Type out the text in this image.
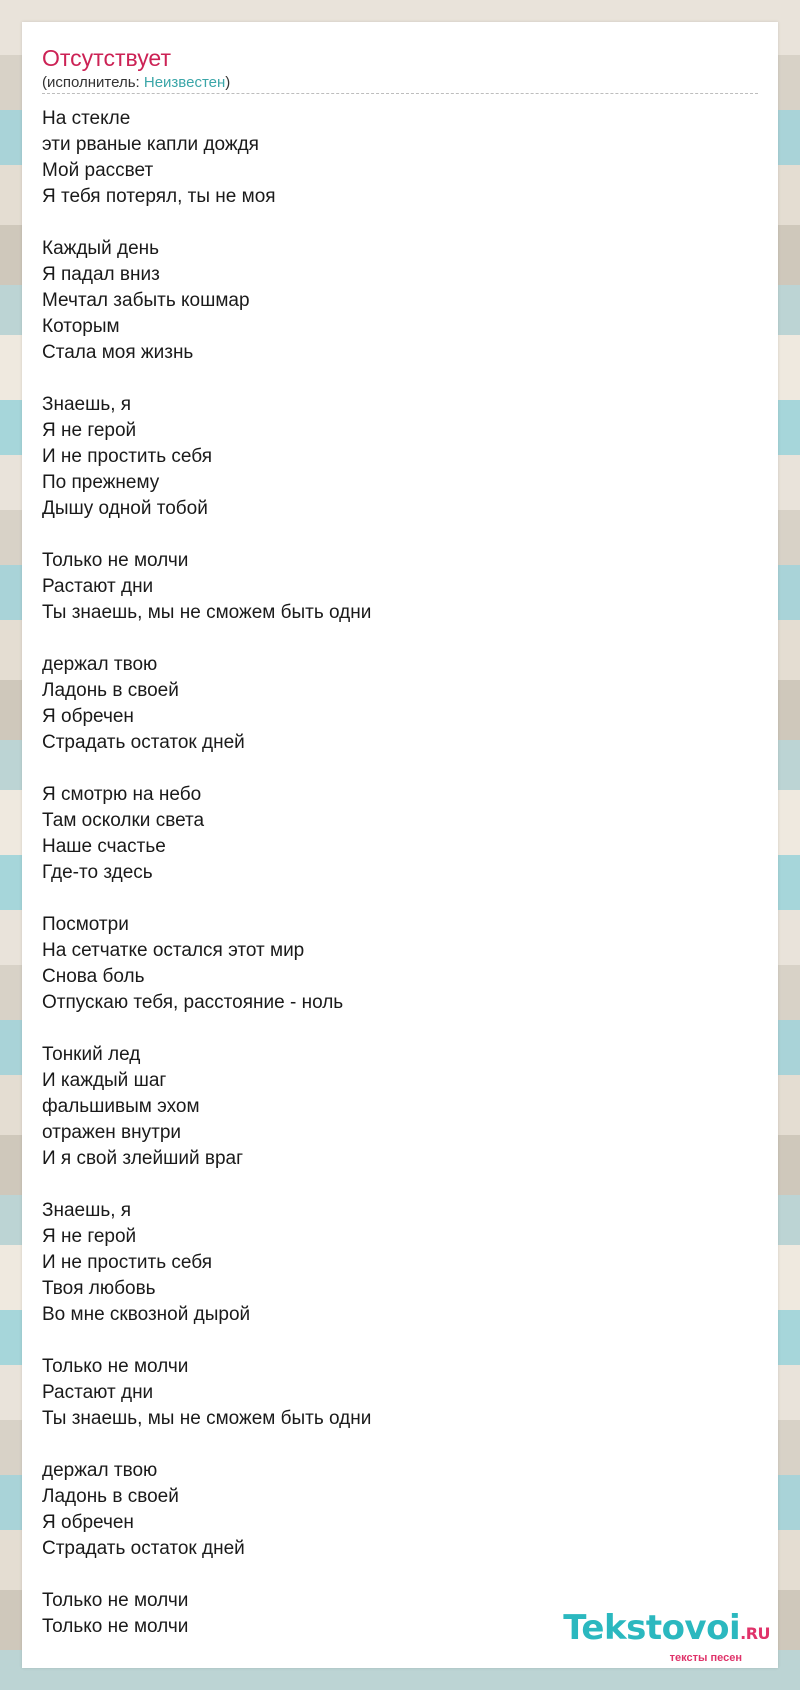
Отсутствует
(исполнитель: Неизвестен)
На стекле
эти рваные капли дождя
Мой рассвет
Я тебя потерял, ты не моя
Каждый день
Я падал вниз
Мечтал забыть кошмар
Которым
Стала моя жизнь
Знаешь, я
Я не герой
И не простить себя
По прежнему
Дышу одной тобой
Только не молчи
Растают дни
Ты знаешь, мы не сможем быть одни
держал твою
Ладонь в своей
Я обречен
Страдать остаток дней
Я смотрю на небо
Там осколки света
Наше счастье
Где-то здесь
Посмотри
На сетчатке остался этот мир
Снова боль
Отпускаю тебя, расстояние - ноль
Тонкий лед
И каждый шаг
фальшивым эхом
отражен внутри
И я свой злейший враг
Знаешь, я
Я не герой
И не простить себя
Твоя любовь
Во мне сквозной дырой
Только не молчи
Растают дни
Ты знаешь, мы не сможем быть одни
держал твою
Ладонь в своей
Я обречен
Страдать остаток дней
Только не молчи
Только не молчи	Tekstovoi.RU
тексты песен
